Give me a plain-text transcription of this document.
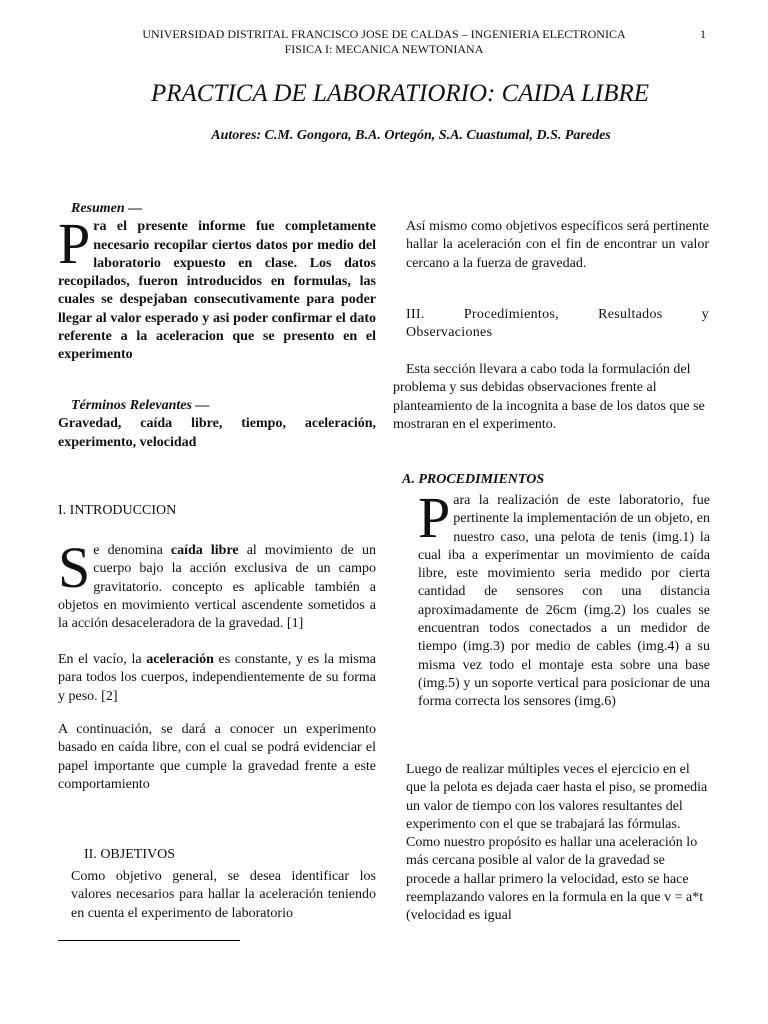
UNIVERSIDAD DISTRITAL FRANCISCO JOSE DE CALDAS – INGENIERIA ELECTRONICA
FISICA I: MECANICA NEWTONIANA
1
PRACTICA DE LABORATIORIO: CAIDA LIBRE
Autores: C.M. Gongora, B.A. Ortegón, S.A. Cuastumal, D.S. Paredes
Resumen —
Pra el presente informe fue completamente necesario recopilar ciertos datos por medio del laboratorio expuesto en clase. Los datos recopilados, fueron introducidos en formulas, las cuales se despejaban consecutivamente para poder llegar al valor esperado y asi poder confirmar el dato referente a la aceleracion que se presento en el experimento
Términos Relevantes —
Gravedad, caída libre, tiempo, aceleración, experimento, velocidad
I. INTRODUCCION
Se denomina caída libre al movimiento de un cuerpo bajo la acción exclusiva de un campo gravitatorio. concepto es aplicable también a objetos en movimiento vertical ascendente sometidos a la acción desaceleradora de la gravedad. [1]
En el vacío, la aceleración es constante, y es la misma para todos los cuerpos, independientemente de su forma y peso. [2]
A continuación, se dará a conocer un experimento basado en caída libre, con el cual se podrá evidenciar el papel importante que cumple la gravedad frente a este comportamiento
II. OBJETIVOS
Como objetivo general, se desea identificar los valores necesarios para hallar la aceleración teniendo en cuenta el experimento de laboratorio
Así mismo como objetivos específicos será pertinente hallar la aceleración con el fin de encontrar un valor cercano a la fuerza de gravedad.
III. Procedimientos, Resultados y
Observaciones
Esta sección llevara a cabo toda la formulación del problema y sus debidas observaciones frente al planteamiento de la incognita a base de los datos que se mostraran en el experimento.
A. PROCEDIMIENTOS
Para la realización de este laboratorio, fue pertinente la implementación de un objeto, en nuestro caso, una pelota de tenis (img.1) la cual iba a experimentar un movimiento de caída libre, este movimiento seria medido por cierta cantidad de sensores con una distancia aproximadamente de 26cm (img.2) los cuales se encuentran todos conectados a un medidor de tiempo (img.3) por medio de cables (img.4) a su misma vez todo el montaje esta sobre una base (img.5) y un soporte vertical para posicionar de una forma correcta los sensores (img.6)
Luego de realizar múltiples veces el ejercicio en el que la pelota es dejada caer hasta el piso, se promedia un valor de tiempo con los valores resultantes del experimento con el que se trabajará las fórmulas. Como nuestro propósito es hallar una aceleración lo más cercana posible al valor de la gravedad se procede a hallar primero la velocidad, esto se hace reemplazando valores en la formula en la que v = a*t (velocidad es igual
